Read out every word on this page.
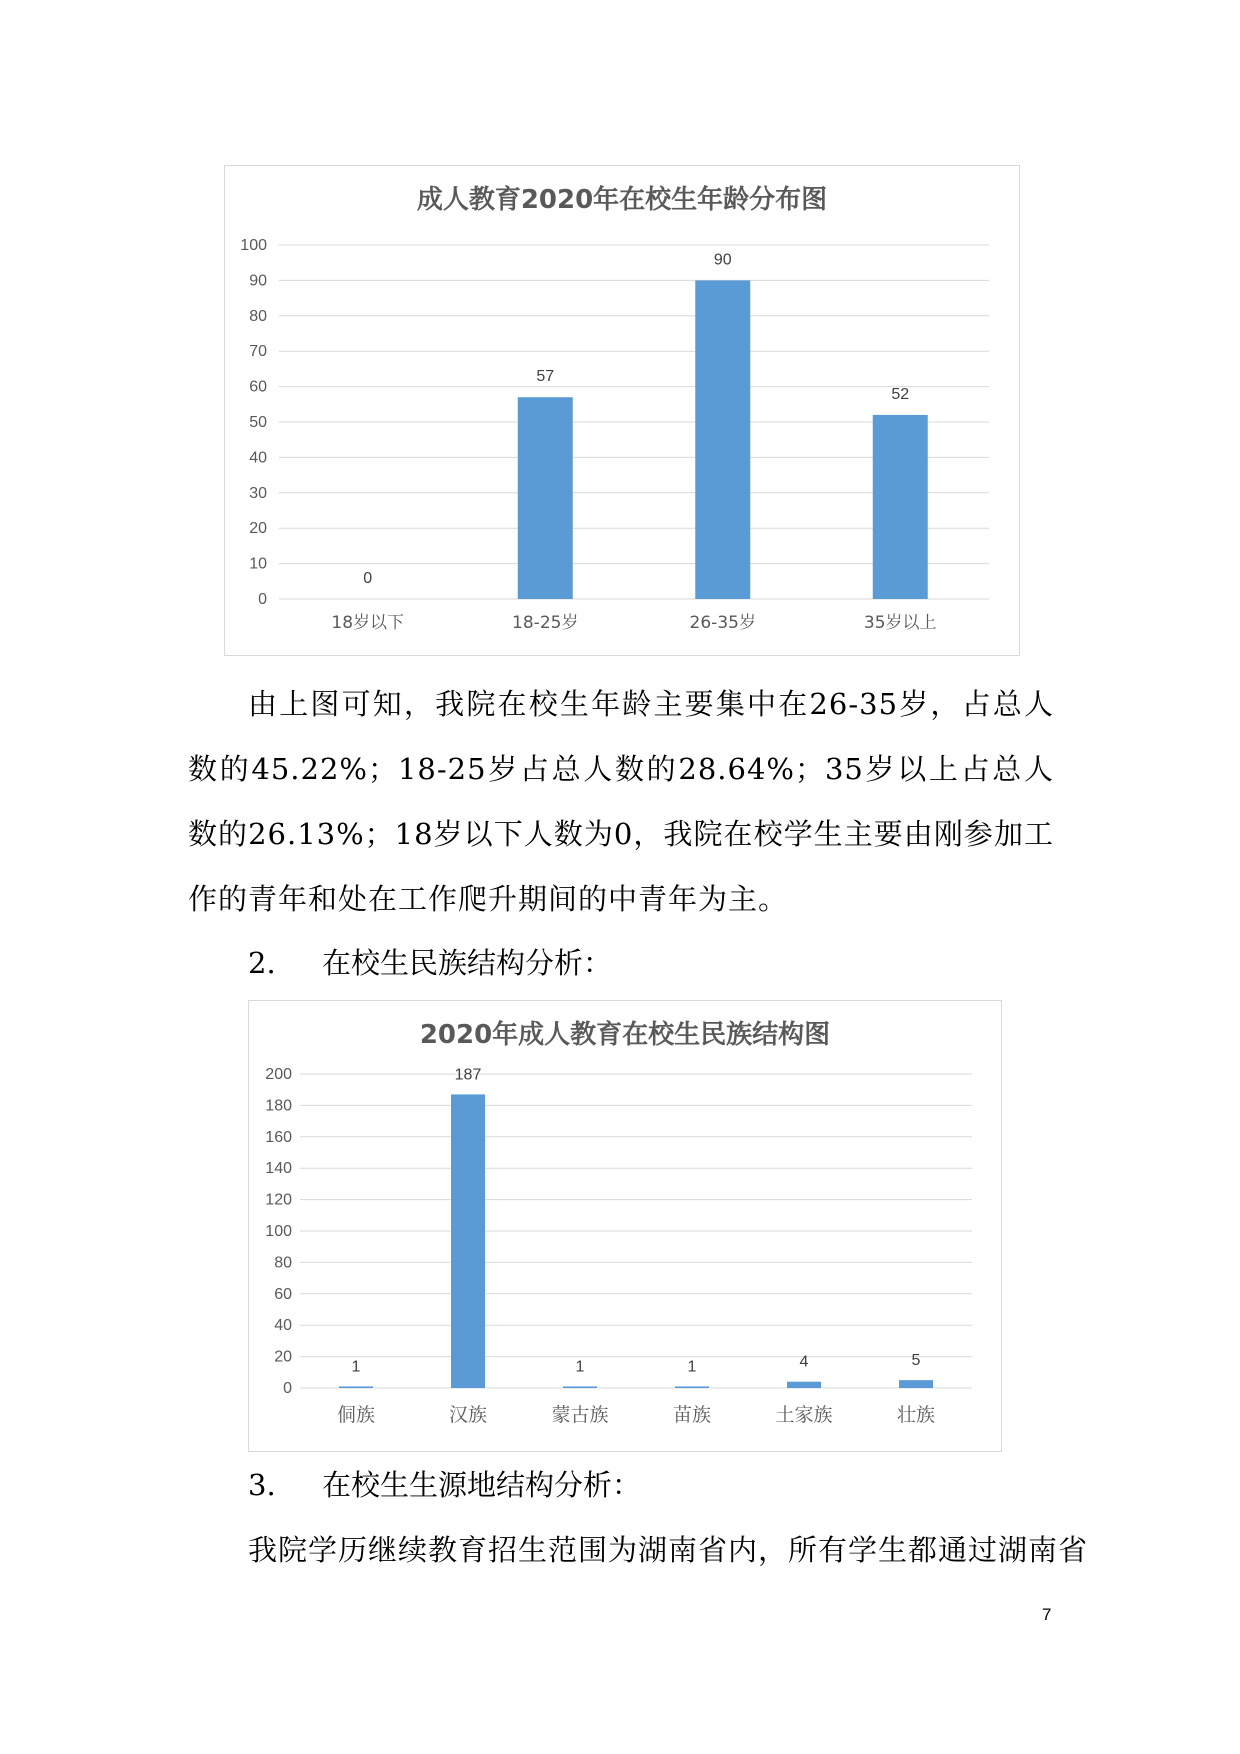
成人教育2020年在校生年龄分布图
0
10
20
30
40
50
60
70
80
90
100
0
18岁以下
57
18-25岁
90
26-35岁
52
35岁以上
由上图可知，我院在校生年龄主要集中在26-35岁，占总人数的45.22%；18-25岁占总人数的28.64%；35岁以上占总人数的26.13%；18岁以下人数为0，我院在校学生主要由刚参加工作的青年和处在工作爬升期间的中青年为主。
2. 在校生民族结构分析：
2020年成人教育在校生民族结构图
0
20
40
60
80
100
120
140
160
180
200
1
侗族
187
汉族
1
蒙古族
1
苗族
4
土家族
5
壮族
3. 在校生生源地结构分析：
我院学历继续教育招生范围为湖南省内，所有学生都通过湖南省
7
